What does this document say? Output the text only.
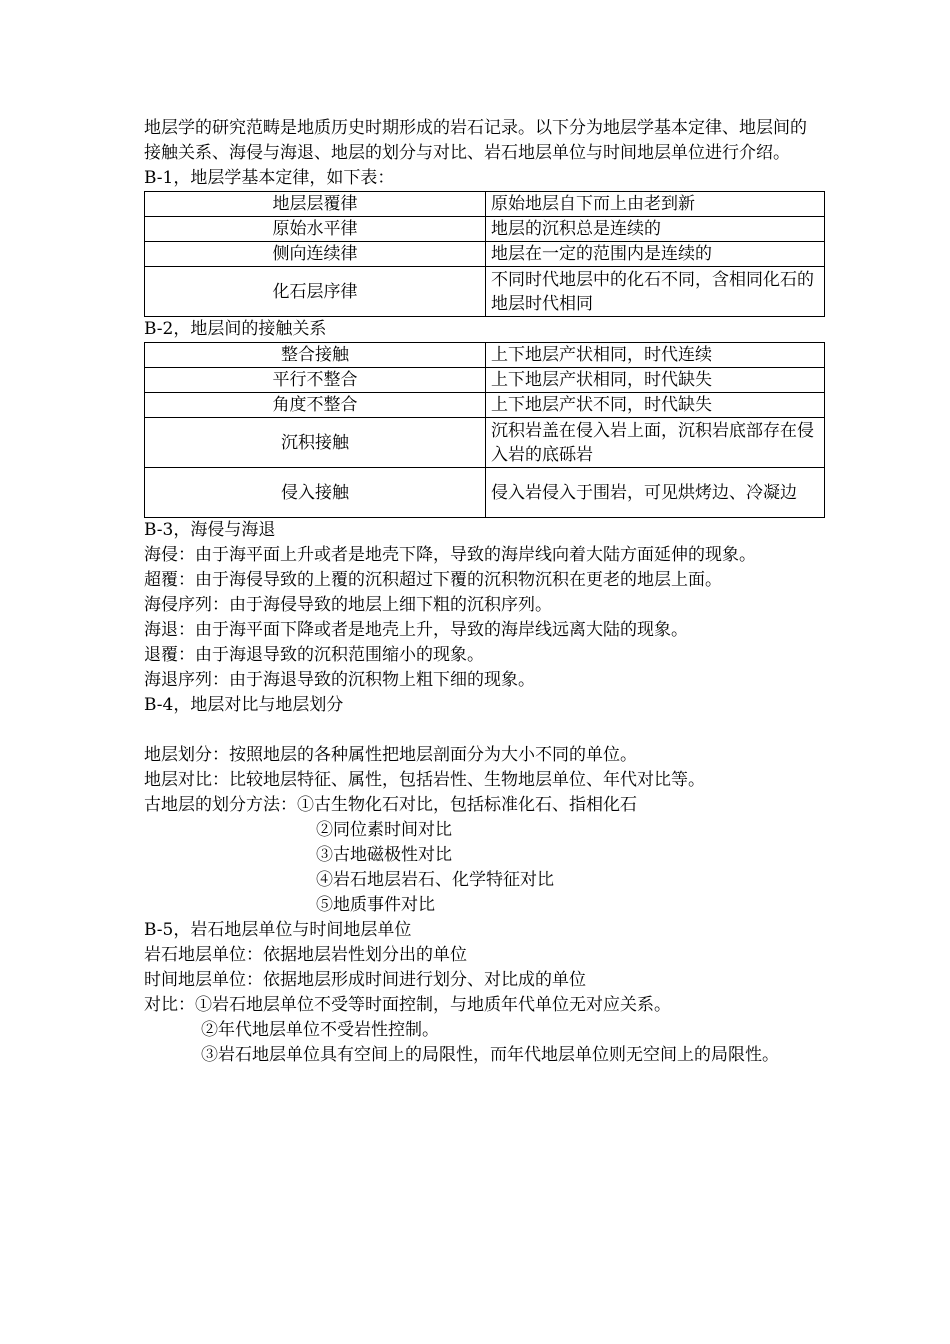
地层学的研究范畴是地质历史时期形成的岩石记录。以下分为地层学基本定律、地层间的接触关系、海侵与海退、地层的划分与对比、岩石地层单位与时间地层单位进行介绍。

B-1，地层学基本定律，如下表：

地层层覆律	原始地层自下而上由老到新
原始水平律	地层的沉积总是连续的
侧向连续律	地层在一定的范围内是连续的
化石层序律	不同时代地层中的化石不同，含相同化石的地层时代相同

B-2，地层间的接触关系

整合接触	上下地层产状相同，时代连续
平行不整合	上下地层产状相同，时代缺失
角度不整合	上下地层产状不同，时代缺失
沉积接触	沉积岩盖在侵入岩上面，沉积岩底部存在侵入岩的底砾岩
侵入接触	侵入岩侵入于围岩，可见烘烤边、冷凝边

B-3，海侵与海退

海侵：由于海平面上升或者是地壳下降，导致的海岸线向着大陆方面延伸的现象。

超覆：由于海侵导致的上覆的沉积超过下覆的沉积物沉积在更老的地层上面。

海侵序列：由于海侵导致的地层上细下粗的沉积序列。

海退：由于海平面下降或者是地壳上升，导致的海岸线远离大陆的现象。

退覆：由于海退导致的沉积范围缩小的现象。

海退序列：由于海退导致的沉积物上粗下细的现象。

B-4，地层对比与地层划分

地层划分：按照地层的各种属性把地层剖面分为大小不同的单位。

地层对比：比较地层特征、属性，包括岩性、生物地层单位、年代对比等。

古地层的划分方法：①古生物化石对比，包括标准化石、指相化石

②同位素时间对比

③古地磁极性对比

④岩石地层岩石、化学特征对比

⑤地质事件对比

B-5，岩石地层单位与时间地层单位

岩石地层单位：依据地层岩性划分出的单位

时间地层单位：依据地层形成时间进行划分、对比成的单位

对比：①岩石地层单位不受等时面控制，与地质年代单位无对应关系。

②年代地层单位不受岩性控制。

③岩石地层单位具有空间上的局限性，而年代地层单位则无空间上的局限性。
